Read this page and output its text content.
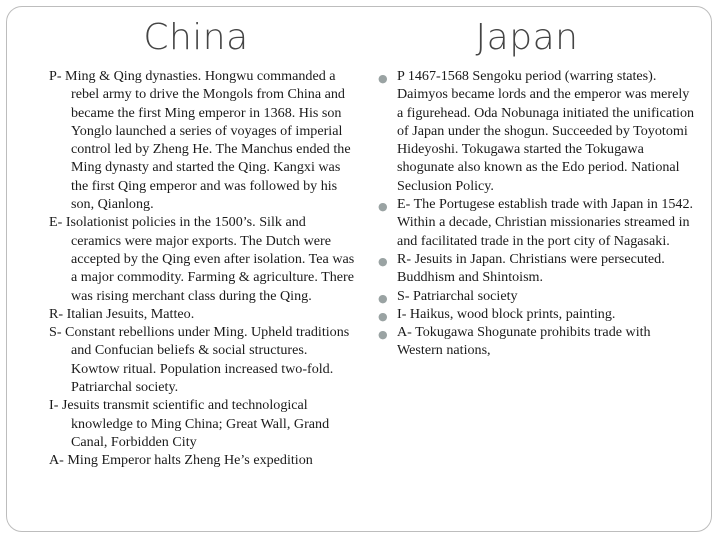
China	Japan

P- Ming & Qing dynasties. Hongwu commanded a rebel army to drive the Mongols from China and became the first Ming emperor in 1368. His son Yonglo launched a series of voyages of imperial control led by Zheng He. The Manchus ended the Ming dynasty and started the Qing. Kangxi was the first Qing emperor and was followed by his son, Qianlong.

E- Isolationist policies in the 1500’s. Silk and ceramics were major exports. The Dutch were accepted by the Qing even after isolation. Tea was a major commodity. Farming & agriculture. There was rising merchant class during the Qing.

R- Italian Jesuits, Matteo.

S- Constant rebellions under Ming. Upheld traditions and Confucian beliefs & social structures. Kowtow ritual. Population increased two-fold. Patriarchal society.

I- Jesuits transmit scientific and technological knowledge to Ming China; Great Wall, Grand Canal, Forbidden City

A- Ming Emperor halts Zheng He’s expedition

● P 1467-1568 Sengoku period (warring states). Daimyos became lords and the emperor was merely a figurehead. Oda Nobunaga initiated the unification of Japan under the shogun. Succeeded by Toyotomi Hideyoshi. Tokugawa started the Tokugawa shogunate also known as the Edo period. National Seclusion Policy.
● E- The Portugese establish trade with Japan in 1542. Within a decade, Christian missionaries streamed in and facilitated trade in the port city of Nagasaki.
● R- Jesuits in Japan. Christians were persecuted. Buddhism and Shintoism.
● S- Patriarchal society
● I- Haikus, wood block prints, painting.
● A- Tokugawa Shogunate prohibits trade with Western nations,
